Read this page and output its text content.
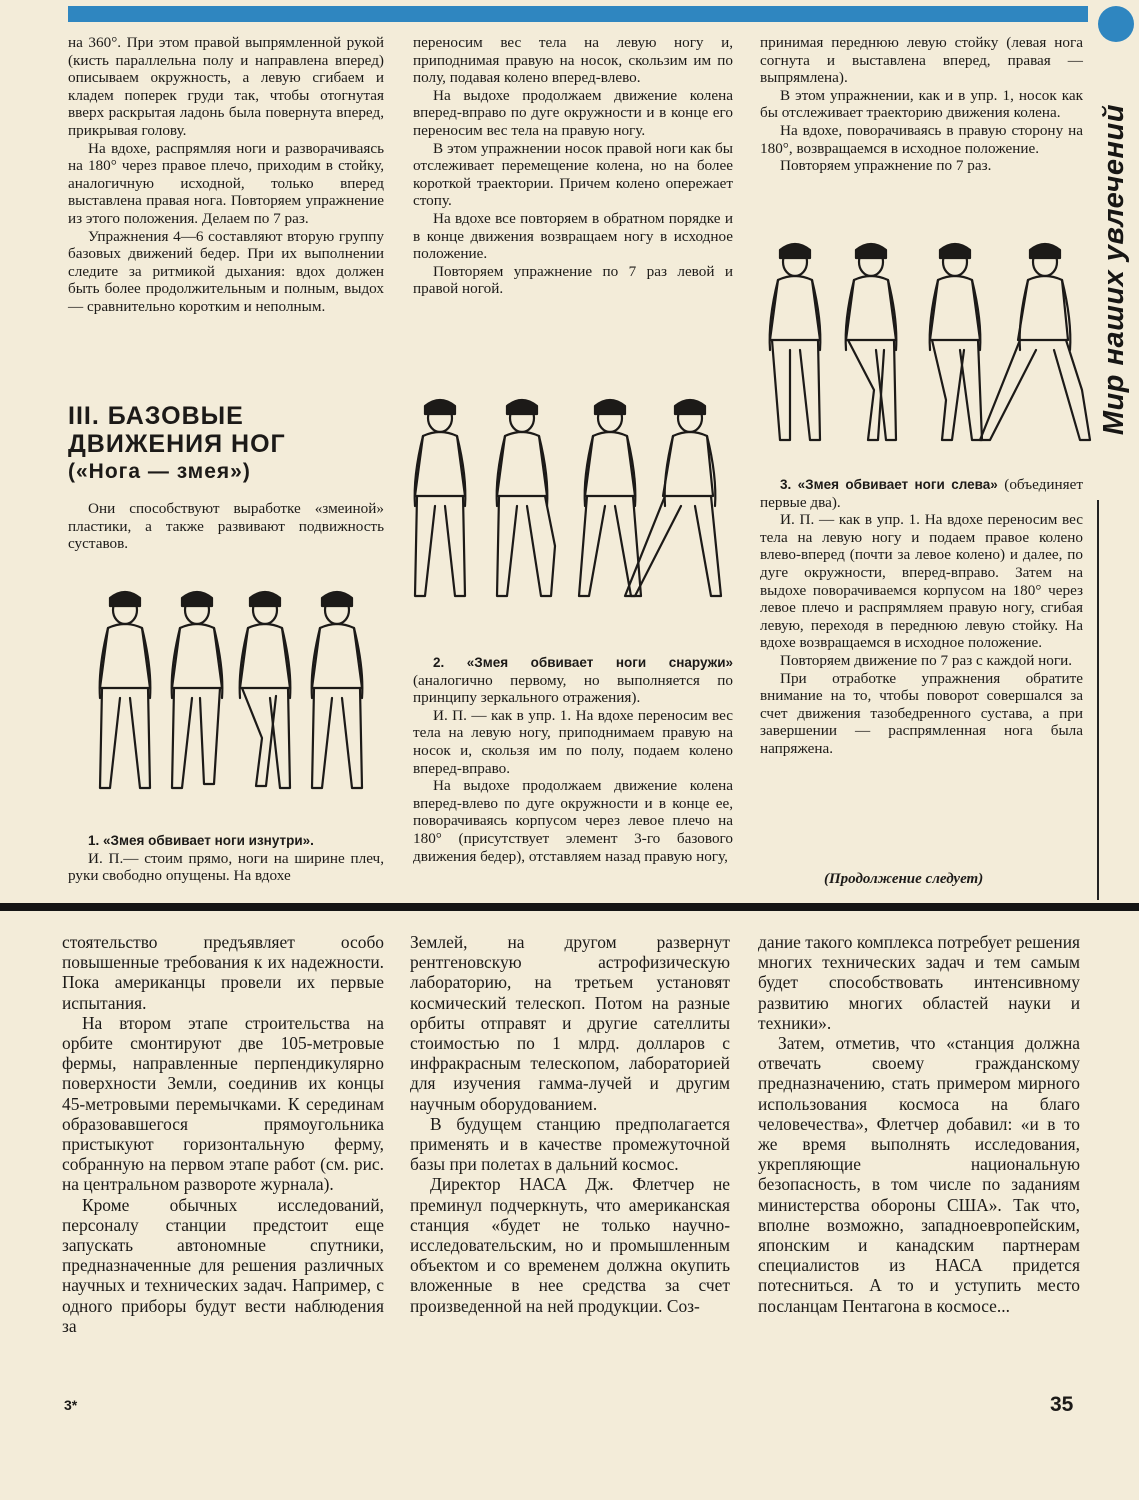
Мир наших увлечений

на 360°. При этом правой выпрямленной рукой (кисть параллельна полу и направлена вперед) описываем окружность, а левую сгибаем и кладем поперек груди так, чтобы отогнутая вверх раскрытая ладонь была повернута вперед, прикрывая голову.

На вдохе, распрямляя ноги и разворачиваясь на 180° через правое плечо, приходим в стойку, аналогичную исходной, только вперед выставлена правая нога. Повторяем упражнение из этого положения. Делаем по 7 раз.

Упражнения 4—6 составляют вторую группу базовых движений бедер. При их выполнении следите за ритмикой дыхания: вдох должен быть более продолжительным и полным, выдох — сравнительно коротким и неполным.

III. БАЗОВЫЕ
ДВИЖЕНИЯ НОГ
(«Нога — змея»)

Они способствуют выработке «змеиной» пластики, а также развивают подвижность суставов.

1. «Змея обвивает ноги изнутри».

И. П.— стоим прямо, ноги на ширине плеч, руки свободно опущены. На вдохе

переносим вес тела на левую ногу и, приподнимая правую на носок, скользим им по полу, подавая колено вперед-влево.

На выдохе продолжаем движение колена вперед-вправо по дуге окружности и в конце его переносим вес тела на правую ногу.

В этом упражнении носок правой ноги как бы отслеживает перемещение колена, но на более короткой траектории. Причем колено опережает стопу.

На вдохе все повторяем в обратном порядке и в конце движения возвращаем ногу в исходное положение.

Повторяем упражнение по 7 раз левой и правой ногой.

2. «Змея обвивает ноги снаружи» (аналогично первому, но выполняется по принципу зеркального отражения).

И. П. — как в упр. 1. На вдохе переносим вес тела на левую ногу, приподнимаем правую на носок и, скользя им по полу, подаем колено вперед-вправо.

На выдохе продолжаем движение колена вперед-влево по дуге окружности и в конце ее, поворачиваясь корпусом через левое плечо на 180° (присутствует элемент 3-го базового движения бедер), отставляем назад правую ногу,

принимая переднюю левую стойку (левая нога согнута и выставлена вперед, правая — выпрямлена).

В этом упражнении, как и в упр. 1, носок как бы отслеживает траекторию движения колена.

На вдохе, поворачиваясь в правую сторону на 180°, возвращаемся в исходное положение.

Повторяем упражнение по 7 раз.

3. «Змея обвивает ноги слева» (объединяет первые два).

И. П. — как в упр. 1. На вдохе переносим вес тела на левую ногу и подаем правое колено влево-вперед (почти за левое колено) и далее, по дуге окружности, вперед-вправо. Затем на выдохе поворачиваемся корпусом на 180° через левое плечо и распрямляем правую ногу, сгибая левую, переходя в переднюю левую стойку. На вдохе возвращаемся в исходное положение.

Повторяем движение по 7 раз с каждой ноги.

При отработке упражнения обратите внимание на то, чтобы поворот совершался за счет движения тазобедренного сустава, а при завершении — распрямленная нога была напряжена.

(Продолжение следует)

стоятельство предъявляет особо повышенные требования к их надежности. Пока американцы провели их первые испытания.

На втором этапе строительства на орбите смонтируют две 105-метровые фермы, направленные перпендикулярно поверхности Земли, соединив их концы 45-метровыми перемычками. К серединам образовавшегося прямоугольника пристыкуют горизонтальную ферму, собранную на первом этапе работ (см. рис. на центральном развороте журнала).

Кроме обычных исследований, персоналу станции предстоит еще запускать автономные спутники, предназначенные для решения различных научных и технических задач. Например, с одного приборы будут вести наблюдения за

Землей, на другом развернут рентгеновскую астрофизическую лабораторию, на третьем установят космический телескоп. Потом на разные орбиты отправят и другие сателлиты стоимостью по 1 млрд. долларов с инфракрасным телескопом, лабораторией для изучения гамма-лучей и другим научным оборудованием.

В будущем станцию предполагается применять и в качестве промежуточной базы при полетах в дальний космос.

Директор НАСА Дж. Флетчер не преминул подчеркнуть, что американская станция «будет не только научно-исследовательским, но и промышленным объектом и со временем должна окупить вложенные в нее средства за счет произведенной на ней продукции. Соз-

дание такого комплекса потребует решения многих технических задач и тем самым будет способствовать интенсивному развитию многих областей науки и техники».

Затем, отметив, что «станция должна отвечать своему гражданскому предназначению, стать примером мирного использования космоса на благо человечества», Флетчер добавил: «и в то же время выполнять исследования, укрепляющие национальную безопасность, в том числе по заданиям министерства обороны США». Так что, вполне возможно, западноевропейским, японским и канадским партнерам специалистов из НАСА придется потесниться. А то и уступить место посланцам Пентагона в космосе...

3*	35
